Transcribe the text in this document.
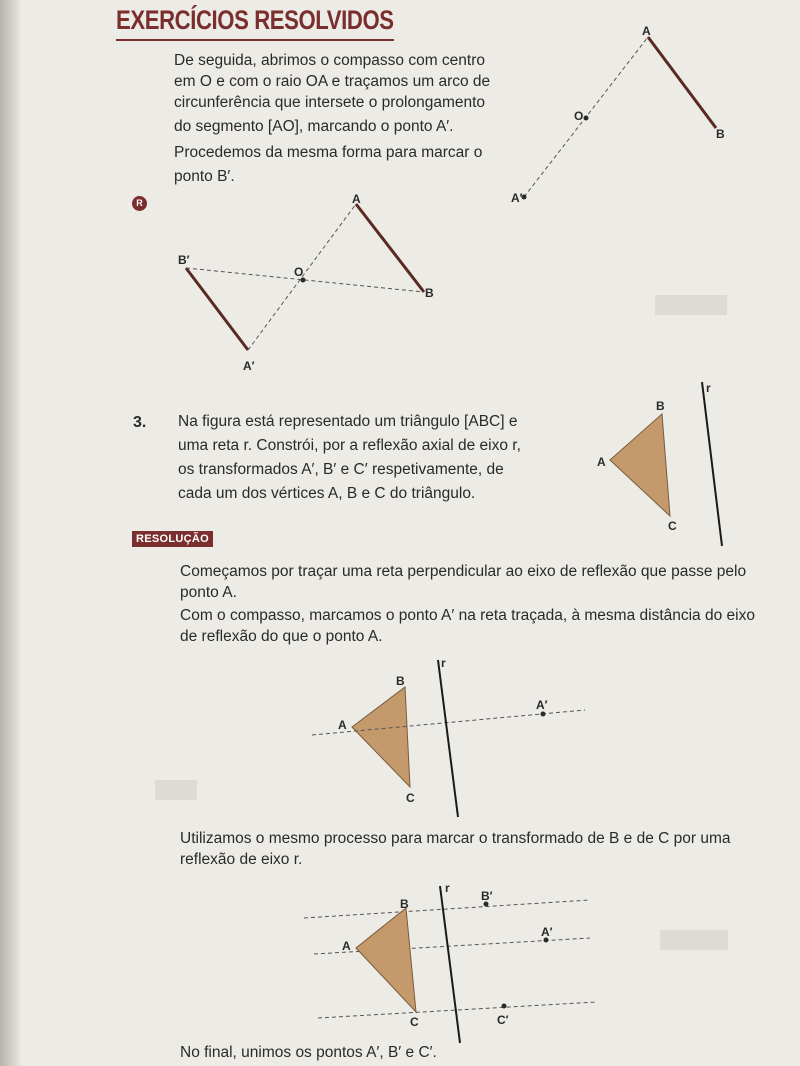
EXERCÍCIOS RESOLVIDOS

De seguida, abrimos o compasso com centro

em O e com o raio OA e traçamos um arco de

circunferência que intersete o prolongamento

do segmento [AO], marcando o ponto A′.

Procedemos da mesma forma para marcar o

ponto B′.

A
O
B
A′
R	A
B
O
B′
A′
3. Na figura está representado um triângulo [ABC] e

uma reta r. Constrói, por a reflexão axial de eixo r,

os transformados A′, B′ e C′ respetivamente, de

cada um dos vértices A, B e C do triângulo.

r
B
A
C
RESOLUÇÃO

Começamos por traçar uma reta perpendicular ao eixo de reflexão que passe pelo

ponto A.

Com o compasso, marcamos o ponto A′ na reta traçada, à mesma distância do eixo

de reflexão do que o ponto A.

r
B
A
C
A′

Utilizamos o mesmo processo para marcar o transformado de B e de C por uma

reflexão de eixo r.

r
B
A
C
B′
A′
C′

No final, unimos os pontos A′, B′ e C′.
